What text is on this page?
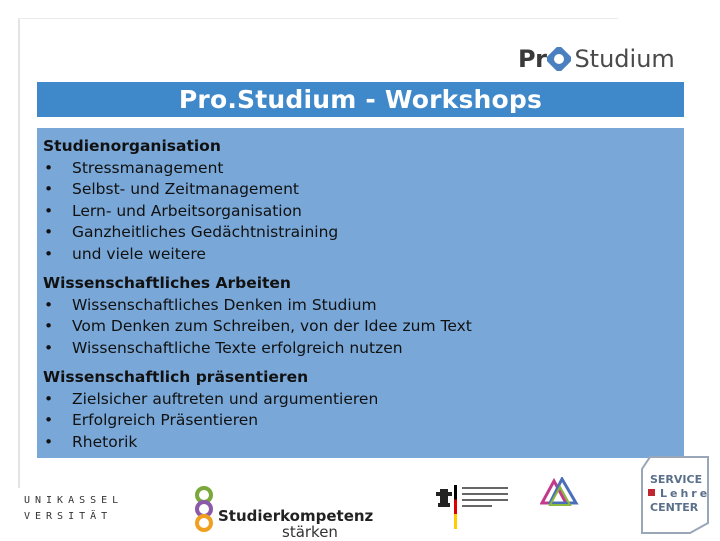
Pr Studium
Pro.Studium - Workshops
Studienorganisation
•	Stressmanagement
•	Selbst- und Zeitmanagement
•	Lern- und Arbeitsorganisation
•	Ganzheitliches Gedächtnistraining
•	und viele weitere
Wissenschaftliches Arbeiten
•	Wissenschaftliches Denken im Studium
•	Vom Denken zum Schreiben, von der Idee zum Text
•	Wissenschaftliche Texte erfolgreich nutzen
Wissenschaftlich präsentieren
•	Zielsicher auftreten und argumentieren
•	Erfolgreich Präsentieren
•	Rhetorik
UNIKASSEL
VERSITÄT	Studierkompetenz
stärken
SERVICE
Lehre
CENTER
